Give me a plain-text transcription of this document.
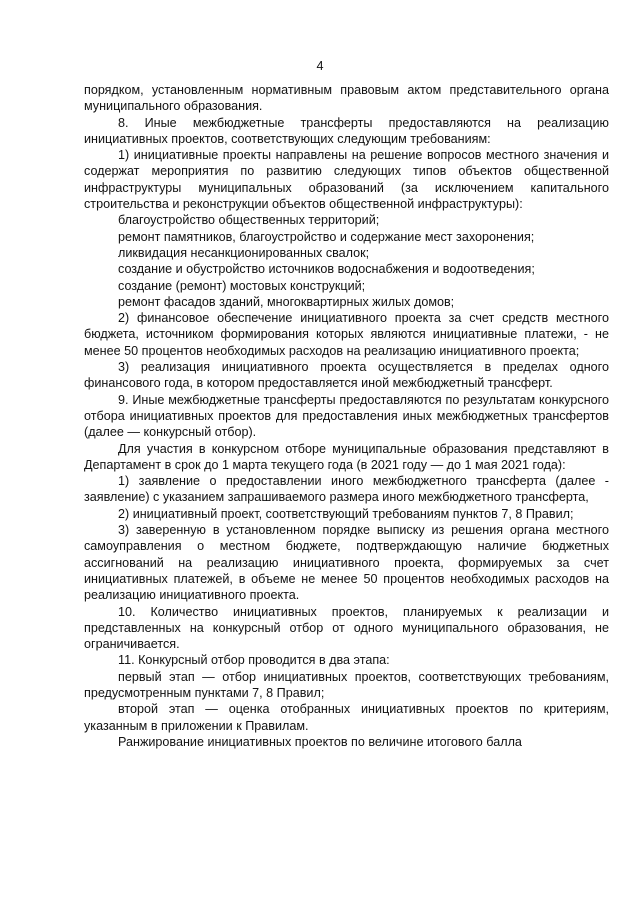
4

порядком, установленным нормативным правовым актом представительного органа муниципального образования.

8. Иные межбюджетные трансферты предоставляются на реализацию инициативных проектов, соответствующих следующим требованиям:

1) инициативные проекты направлены на решение вопросов местного значения и содержат мероприятия по развитию следующих типов объектов общественной инфраструктуры муниципальных образований (за исключением капитального строительства и реконструкции объектов общественной инфраструктуры):

благоустройство общественных территорий;

ремонт памятников, благоустройство и содержание мест захоронения;

ликвидация несанкционированных свалок;

создание и обустройство источников водоснабжения и водоотведения;

создание (ремонт) мостовых конструкций;

ремонт фасадов зданий, многоквартирных жилых домов;

2) финансовое обеспечение инициативного проекта за счет средств местного бюджета, источником формирования которых являются инициативные платежи, - не менее 50 процентов необходимых расходов на реализацию инициативного проекта;

3) реализация инициативного проекта осуществляется в пределах одного финансового года, в котором предоставляется иной межбюджетный трансферт.

9. Иные межбюджетные трансферты предоставляются по результатам конкурсного отбора инициативных проектов для предоставления иных межбюджетных трансфертов (далее — конкурсный отбор).

Для участия в конкурсном отборе муниципальные образования представляют в Департамент в срок до 1 марта текущего года (в 2021 году — до 1 мая 2021 года):

1) заявление о предоставлении иного межбюджетного трансферта (далее - заявление) с указанием запрашиваемого размера иного межбюджетного трансферта,

2) инициативный проект, соответствующий требованиям пунктов 7, 8 Правил;

3) заверенную в установленном порядке выписку из решения органа местного самоуправления о местном бюджете, подтверждающую наличие бюджетных ассигнований на реализацию инициативного проекта, формируемых за счет инициативных платежей, в объеме не менее 50 процентов необходимых расходов на реализацию инициативного проекта.

10. Количество инициативных проектов, планируемых к реализации и представленных на конкурсный отбор от одного муниципального образования, не ограничивается.

11. Конкурсный отбор проводится в два этапа:

первый этап — отбор инициативных проектов, соответствующих требованиям, предусмотренным пунктами 7, 8 Правил;

второй этап — оценка отобранных инициативных проектов по критериям, указанным в приложении к Правилам.

Ранжирование инициативных проектов по величине итогового балла
